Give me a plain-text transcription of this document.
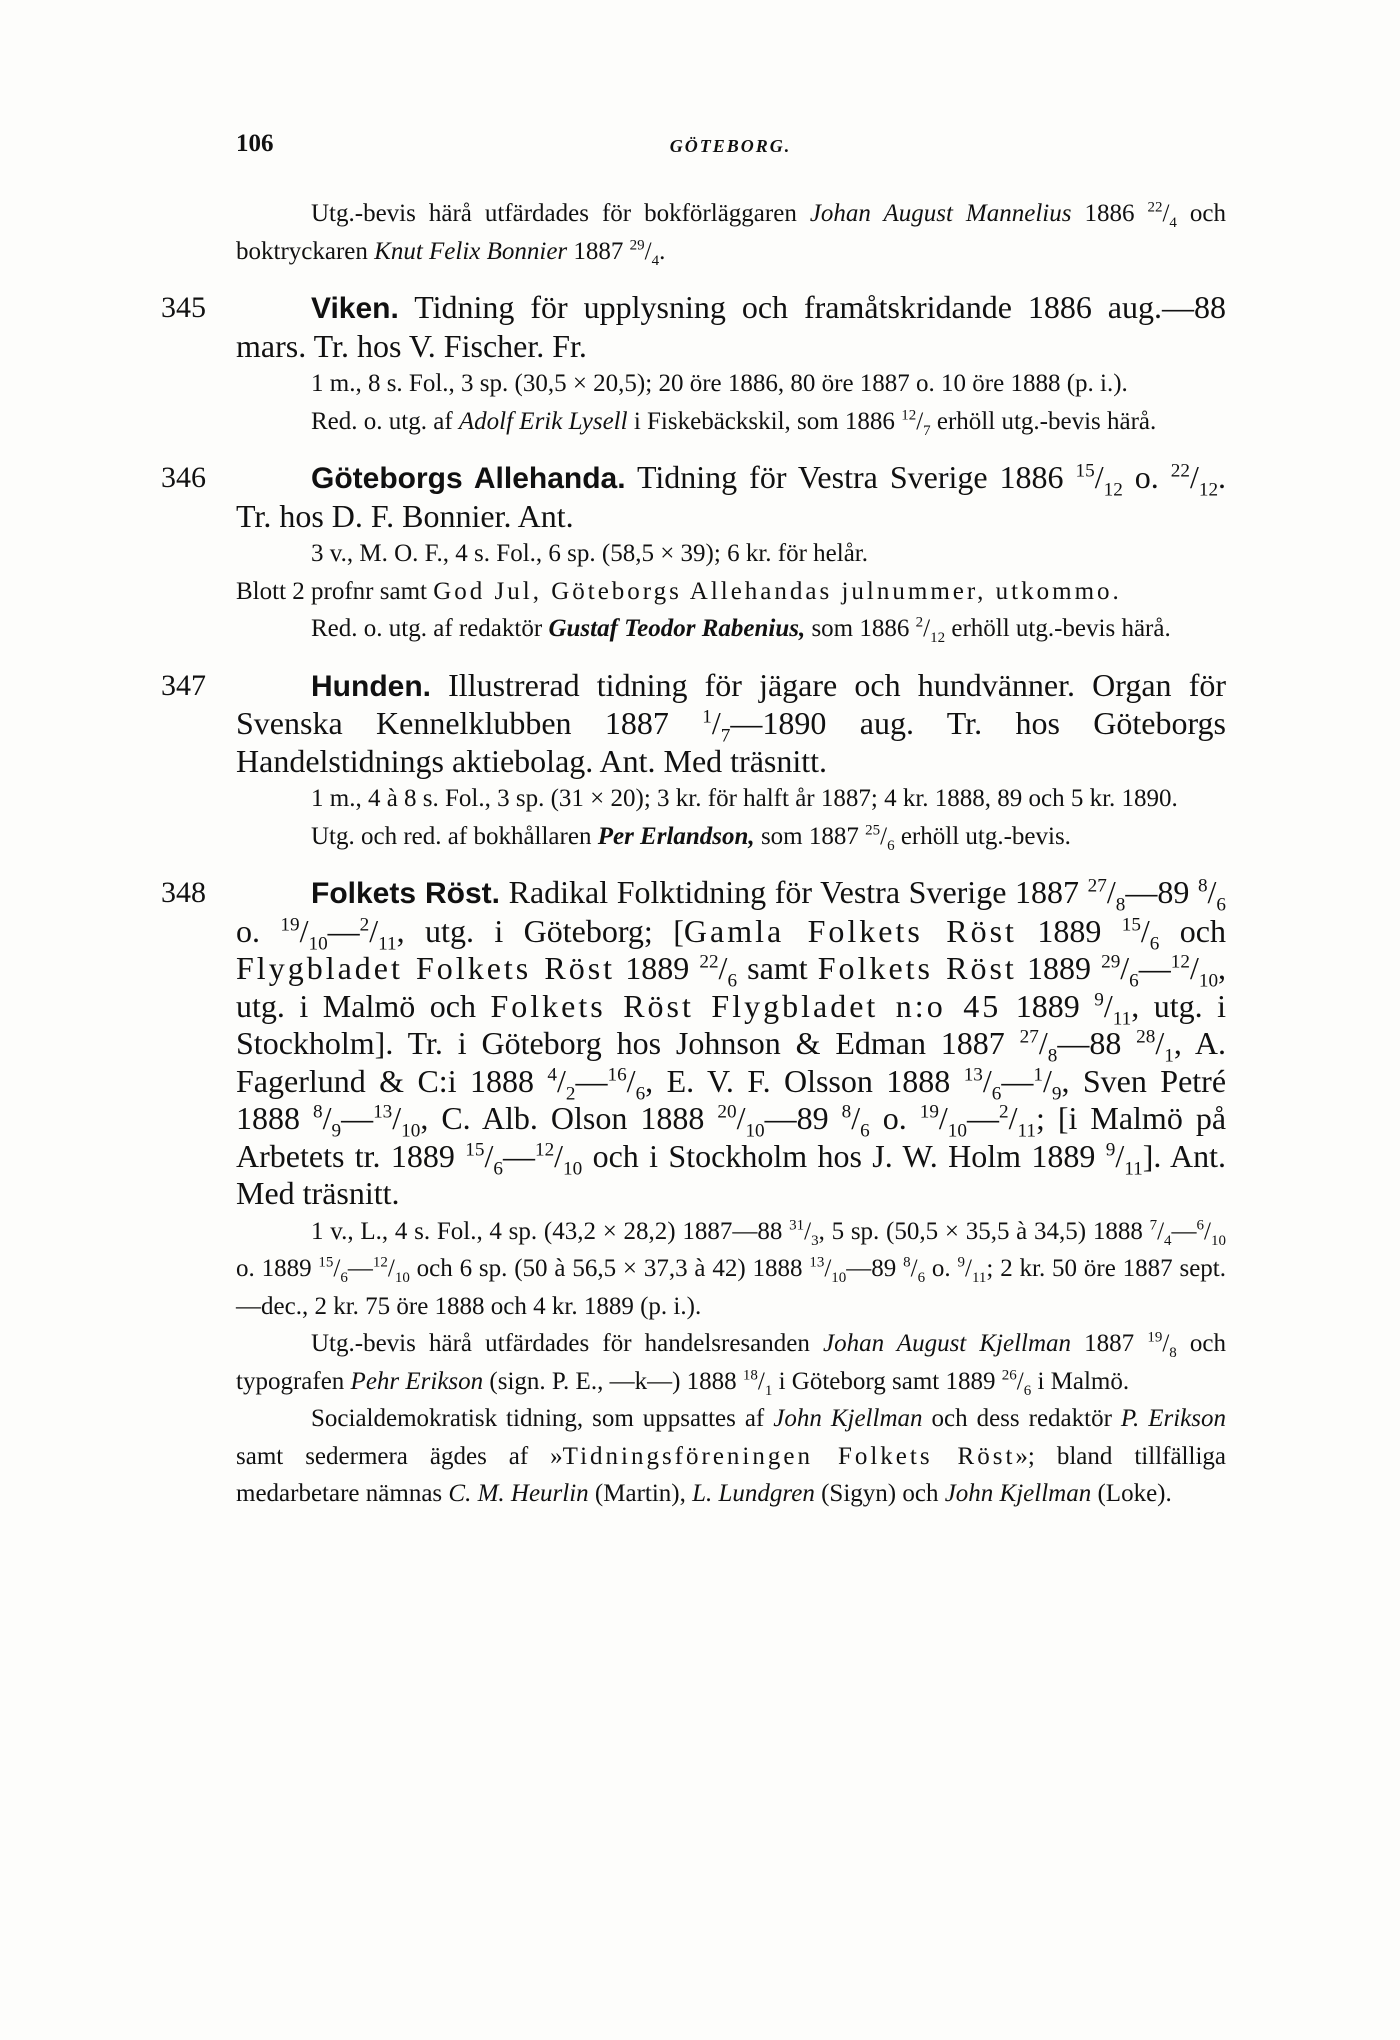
106	GÖTEBORG.

Utg.-bevis härå utfärdades för bokförläggaren Johan August Mannelius 1886 $^{22}/_4$ och boktryckaren Knut Felix Bonnier 1887 $^{29}/_4$.

345	Viken. Tidning för upplysning och framåtskridande 1886 aug.—88 mars. Tr. hos V. Fischer. Fr.

1 m., 8 s. Fol., 3 sp. (30,5 × 20,5); 20 öre 1886, 80 öre 1887 o. 10 öre 1888 (p. i.).

Red. o. utg. af Adolf Erik Lysell i Fiskebäckskil, som 1886 $^{12}/_7$ erhöll utg.-bevis härå.

346	Göteborgs Allehanda. Tidning för Vestra Sverige 1886 $^{15}/_{12}$ o. $^{22}/_{12}$. Tr. hos D. F. Bonnier. Ant.

3 v., M. O. F., 4 s. Fol., 6 sp. (58,5 × 39); 6 kr. för helår.

Blott 2 profnr samt God Jul, Göteborgs Allehandas julnummer, utkommo.

Red. o. utg. af redaktör Gustaf Teodor Rabenius, som 1886 $^2/_{12}$ erhöll utg.-bevis härå.

347	Hunden. Illustrerad tidning för jägare och hundvänner. Organ för Svenska Kennelklubben 1887 $^1/_7—1890$ aug. Tr. hos Göteborgs Handelstidnings aktiebolag. Ant. Med träsnitt.

1 m., 4 à 8 s. Fol., 3 sp. (31 × 20); 3 kr. för halft år 1887; 4 kr. 1888, 89 och 5 kr. 1890.

Utg. och red. af bokhållaren Per Erlandson, som 1887 $^{25}/_6$ erhöll utg.-bevis.

348	Folkets Röst. Radikal Folktidning för Vestra Sverige 1887 $^{27}/_8—89$ $^8/_6$ o. $^{19}/_{10}—^2/_{11}$, utg. i Göteborg; [Gamla Folkets Röst 1889 $^{15}/_6$ och Flygbladet Folkets Röst 1889 $^{22}/_6$ samt Folkets Röst 1889 $^{29}/_6—^{12}/_{10}$, utg. i Malmö och Folkets Röst Flygbladet n:o 45 1889 $^9/_{11}$, utg. i Stockholm]. Tr. i Göteborg hos Johnson & Edman 1887 $^{27}/_8—88$ $^{28}/_1$, A. Fagerlund & C:i 1888 $^4/_2—^{16}/_6$, E. V. F. Olsson 1888 $^{13}/_6—^1/_9$, Sven Petré 1888 $^8/_9—^{13}/_{10}$, C. Alb. Olson 1888 $^{20}/_{10}—89$ $^8/_6$ o. $^{19}/_{10}—^2/_{11}$; [i Malmö på Arbetets tr. 1889 $^{15}/_6—^{12}/_{10}$ och i Stockholm hos J. W. Holm 1889 $^9/_{11}$]. Ant. Med träsnitt.

1 v., L., 4 s. Fol., 4 sp. (43,2 × 28,2) 1887—88 $^{31}/_3$, 5 sp. (50,5 × 35,5 à 34,5) 1888 $^7/_4—^6/_{10}$ o. 1889 $^{15}/_6—^{12}/_{10}$ och 6 sp. (50 à 56,5 × 37,3 à 42) 1888 $^{13}/_{10}—89$ $^8/_6$ o. $^9/_{11}$; 2 kr. 50 öre 1887 sept.—dec., 2 kr. 75 öre 1888 och 4 kr. 1889 (p. i.).

Utg.-bevis härå utfärdades för handelsresanden Johan August Kjellman 1887 $^{19}/_8$ och typografen Pehr Erikson (sign. P. E., —k—) 1888 $^{18}/_1$ i Göteborg samt 1889 $^{26}/_6$ i Malmö.

Socialdemokratisk tidning, som uppsattes af John Kjellman och dess redaktör P. Erikson samt sedermera ägdes af »Tidningsföreningen Folkets Röst»; bland tillfälliga medarbetare nämnas C. M. Heurlin (Martin), L. Lundgren (Sigyn) och John Kjellman (Loke).
